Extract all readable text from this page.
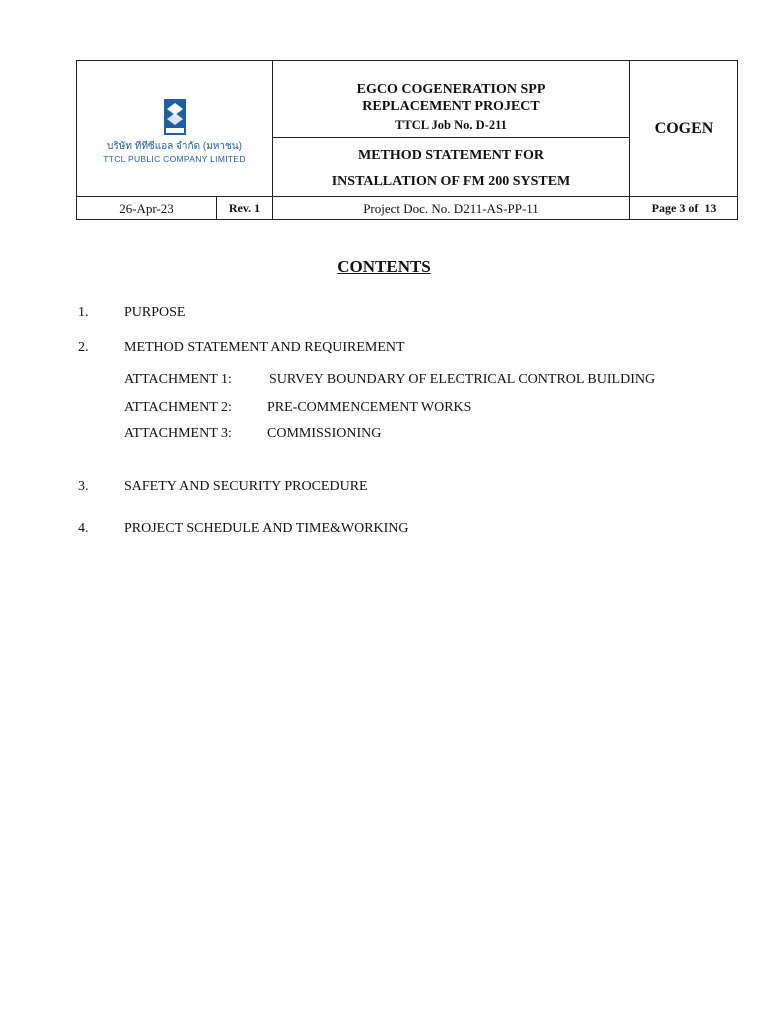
บริษัท ทีทีซีแอล จำกัด (มหาชน)
TTCL PUBLIC COMPANY LIMITED
EGCO COGENERATION SPP
REPLACEMENT PROJECT
TTCL Job No. D-211
METHOD STATEMENT FOR
INSTALLATION OF FM 200 SYSTEM
COGEN
26-Apr-23	Rev. 1	Project Doc. No. D211-AS-PP-11	Page 3 of  13
CONTENTS
1.	PURPOSE
2.	METHOD STATEMENT AND REQUIREMENT
ATTACHMENT 1:	SURVEY BOUNDARY OF ELECTRICAL CONTROL BUILDING
ATTACHMENT 2:	PRE-COMMENCEMENT WORKS
ATTACHMENT 3:	COMMISSIONING
3.	SAFETY AND SECURITY PROCEDURE
4.	PROJECT SCHEDULE AND TIME&WORKING
